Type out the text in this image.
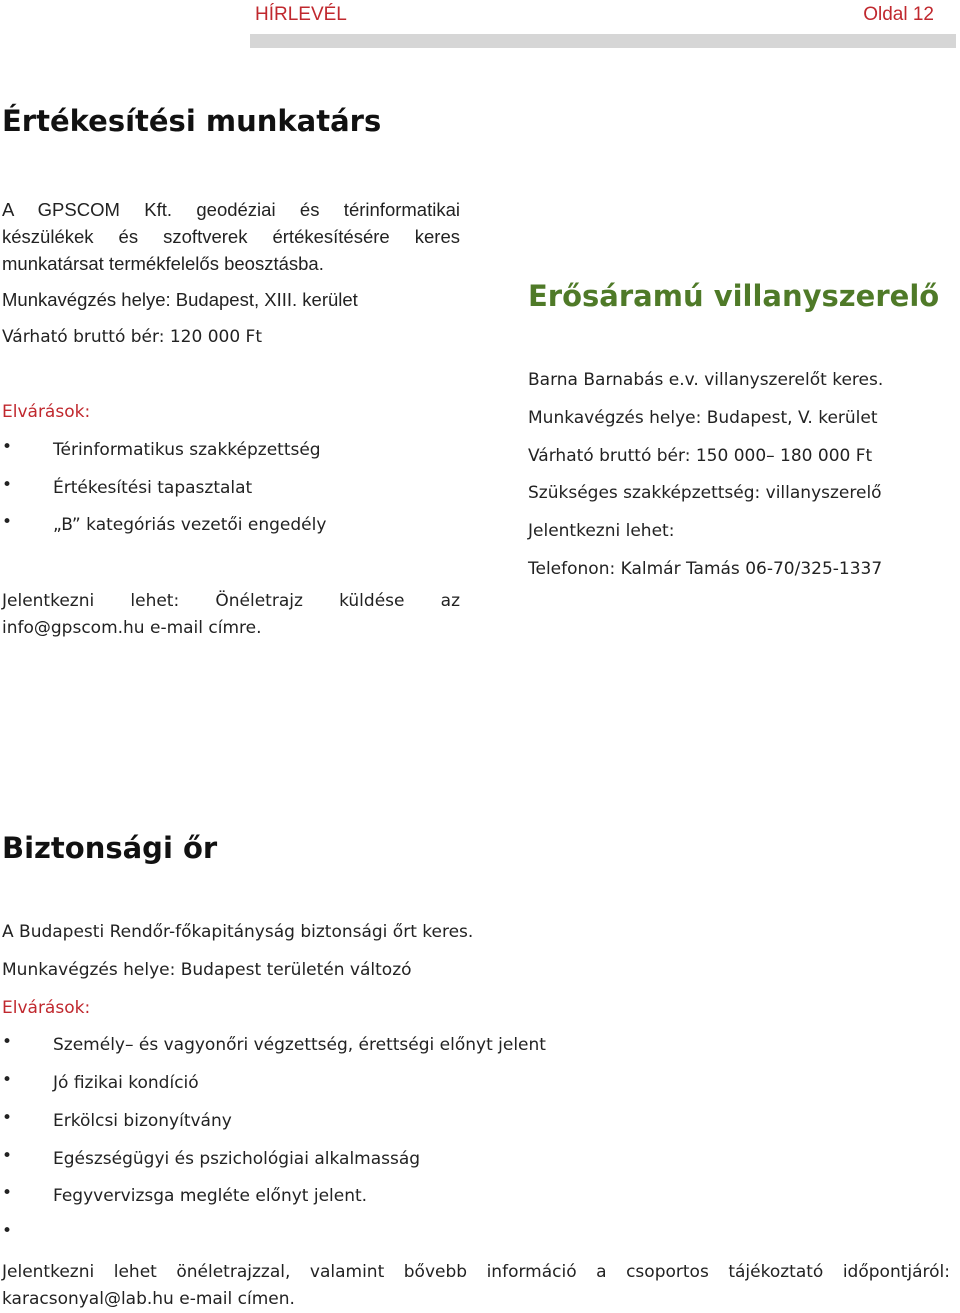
HÍRLEVÉL	Oldal 12
Értékesítési munkatárs
A GPSCOM Kft. geodéziai és térinformatikai
készülékek és szoftverek értékesítésére keres
munkatársat termékfelelős beosztásba.
Munkavégzés helye: Budapest, XIII. kerület
Várható bruttó bér: 120 000 Ft
Elvárások:
• Térinformatikus szakképzettség
• Értékesítési tapasztalat
• „B” kategóriás vezetői engedély
Jelentkezni lehet: Önéletrajz küldése az
info@gpscom.hu e-mail címre.
Erősáramú villanyszerelő
Barna Barnabás e.v. villanyszerelőt keres.
Munkavégzés helye: Budapest, V. kerület
Várható bruttó bér: 150 000– 180 000 Ft
Szükséges szakképzettség: villanyszerelő
Jelentkezni lehet:
Telefonon: Kalmár Tamás 06-70/325-1337
Biztonsági őr
A Budapesti Rendőr-főkapitányság biztonsági őrt keres.
Munkavégzés helye: Budapest területén változó
Elvárások:
• Személy– és vagyonőri végzettség, érettségi előnyt jelent
• Jó fizikai kondíció
• Erkölcsi bizonyítvány
• Egészségügyi és pszichológiai alkalmasság
• Fegyvervizsga megléte előnyt jelent.
•
Jelentkezni lehet önéletrajzzal, valamint bővebb információ a csoportos tájékoztató időpontjáról:
karacsonyal@lab.hu e-mail címen.
